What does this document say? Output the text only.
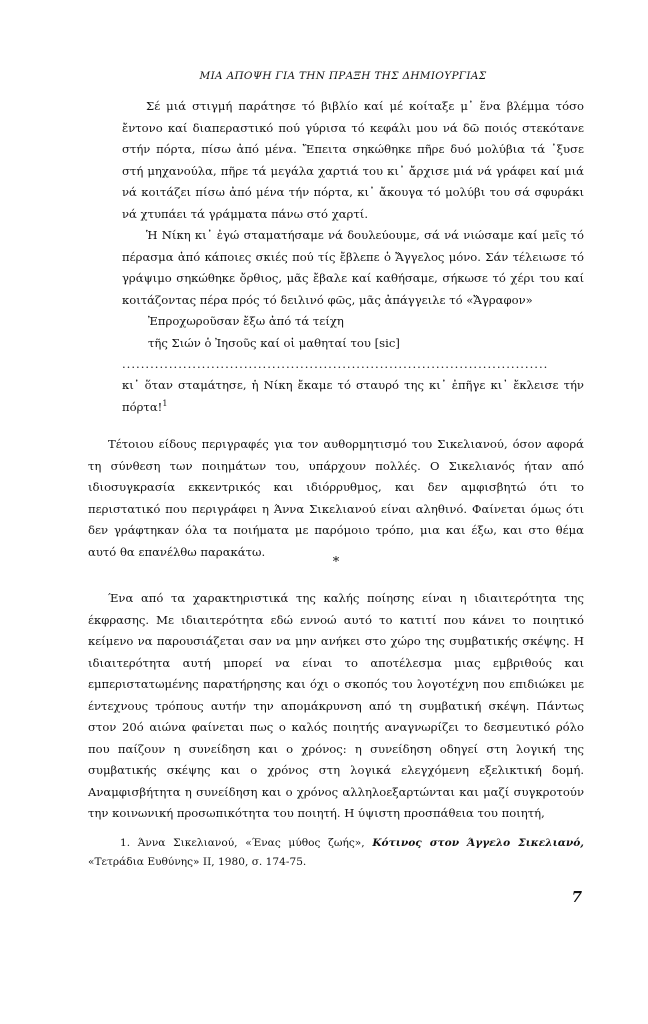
ΜΙΑ ΑΠΟΨΗ ΓΙΑ ΤΗΝ ΠΡΑΞΗ ΤΗΣ ΔΗΜΙΟΥΡΓΙΑΣ

Σέ μιά στιγμή παράτησε τό βιβλίο καί μέ κοίταξε μ᾿ ἕνα βλέμμα τόσο ἔντονο καί διαπεραστικό πού γύρισα τό κεφάλι μου νά δῶ ποιός στεκότανε στήν πόρτα, πίσω ἀπό μένα. Ἔπειτα σηκώθηκε πῆρε δυό μολύβια τά ᾿ξυσε στή μηχανούλα, πῆρε τά μεγάλα χαρτιά του κι᾿ ἄρχισε μιά νά γράφει καί μιά νά κοιτάζει πίσω ἀπό μένα τήν πόρτα, κι᾿ ἄκουγα τό μολύβι του σά σφυράκι νά χτυπάει τά γράμματα πάνω στό χαρτί.

Ἡ Νίκη κι᾿ ἐγώ σταματήσαμε νά δουλεύουμε, σά νά νιώσαμε καί μεῖς τό πέρασμα ἀπό κάποιες σκιές πού τίς ἔβλεπε ὁ Ἄγγελος μόνο. Σάν τέλειωσε τό γράψιμο σηκώθηκε ὄρθιος, μᾶς ἔβαλε καί καθήσαμε, σήκωσε τό χέρι του καί κοιτάζοντας πέρα πρός τό δειλινό φῶς, μᾶς ἀπάγγειλε τό «Ἄγραφον»

Ἐπροχωροῦσαν ἔξω ἀπό τά τείχη
τῆς Σιών ὁ Ἰησοῦς καί οἱ μαθηταί του [sic]
...........................................................................................

κι᾿ ὅταν σταμάτησε, ἡ Νίκη ἔκαμε τό σταυρό της κι᾿ ἐπῆγε κι᾿ ἔκλεισε τήν πόρτα!$^1$

Τέτοιου είδους περιγραφές για τον αυθορμητισμό του Σικελιανού, όσον αφορά τη σύνθεση των ποιημάτων του, υπάρχουν πολλές. Ο Σικελιανός ήταν από ιδιοσυγκρασία εκκεντρικός και ιδιόρρυθμος, και δεν αμφισβητώ ότι το περιστατικό που περιγράφει η Άννα Σικελιανού είναι αληθινό. Φαίνεται όμως ότι δεν γράφτηκαν όλα τα ποιήματα με παρόμοιο τρόπο, μια και έξω, και στο θέμα αυτό θα επανέλθω παρακάτω.

*

Ένα από τα χαρακτηριστικά της καλής ποίησης είναι η ιδιαιτερότητα της έκφρασης. Με ιδιαιτερότητα εδώ εννοώ αυτό το κατιτί που κάνει το ποιητικό κείμενο να παρουσιάζεται σαν να μην ανήκει στο χώρο της συμβατικής σκέψης. Η ιδιαιτερότητα αυτή μπορεί να είναι το αποτέλεσμα μιας εμβριθούς και εμπεριστατωμένης παρατήρησης και όχι ο σκοπός του λογοτέχνη που επιδιώκει με έντεχνους τρόπους αυτήν την απομάκρυνση από τη συμβατική σκέψη. Πάντως στον 20ό αιώνα φαίνεται πως ο καλός ποιητής αναγνωρίζει το δεσμευτικό ρόλο που παίζουν η συνείδηση και ο χρόνος: η συνείδηση οδηγεί στη λογική της συμβατικής σκέψης και ο χρόνος στη λογικά ελεγχόμενη εξελικτική δομή. Αναμφισβήτητα η συνείδηση και ο χρόνος αλληλοεξαρτώνται και μαζί συγκροτούν την κοινωνική προσωπικότητα του ποιητή. Η ύψιστη προσπάθεια του ποιητή,

1. Άννα Σικελιανού, «Ένας μύθος ζωής», Κότινος στον Άγγελο Σικελιανό, «Τετράδια Ευθύνης» ΙΙ, 1980, σ. 174-75.

7
